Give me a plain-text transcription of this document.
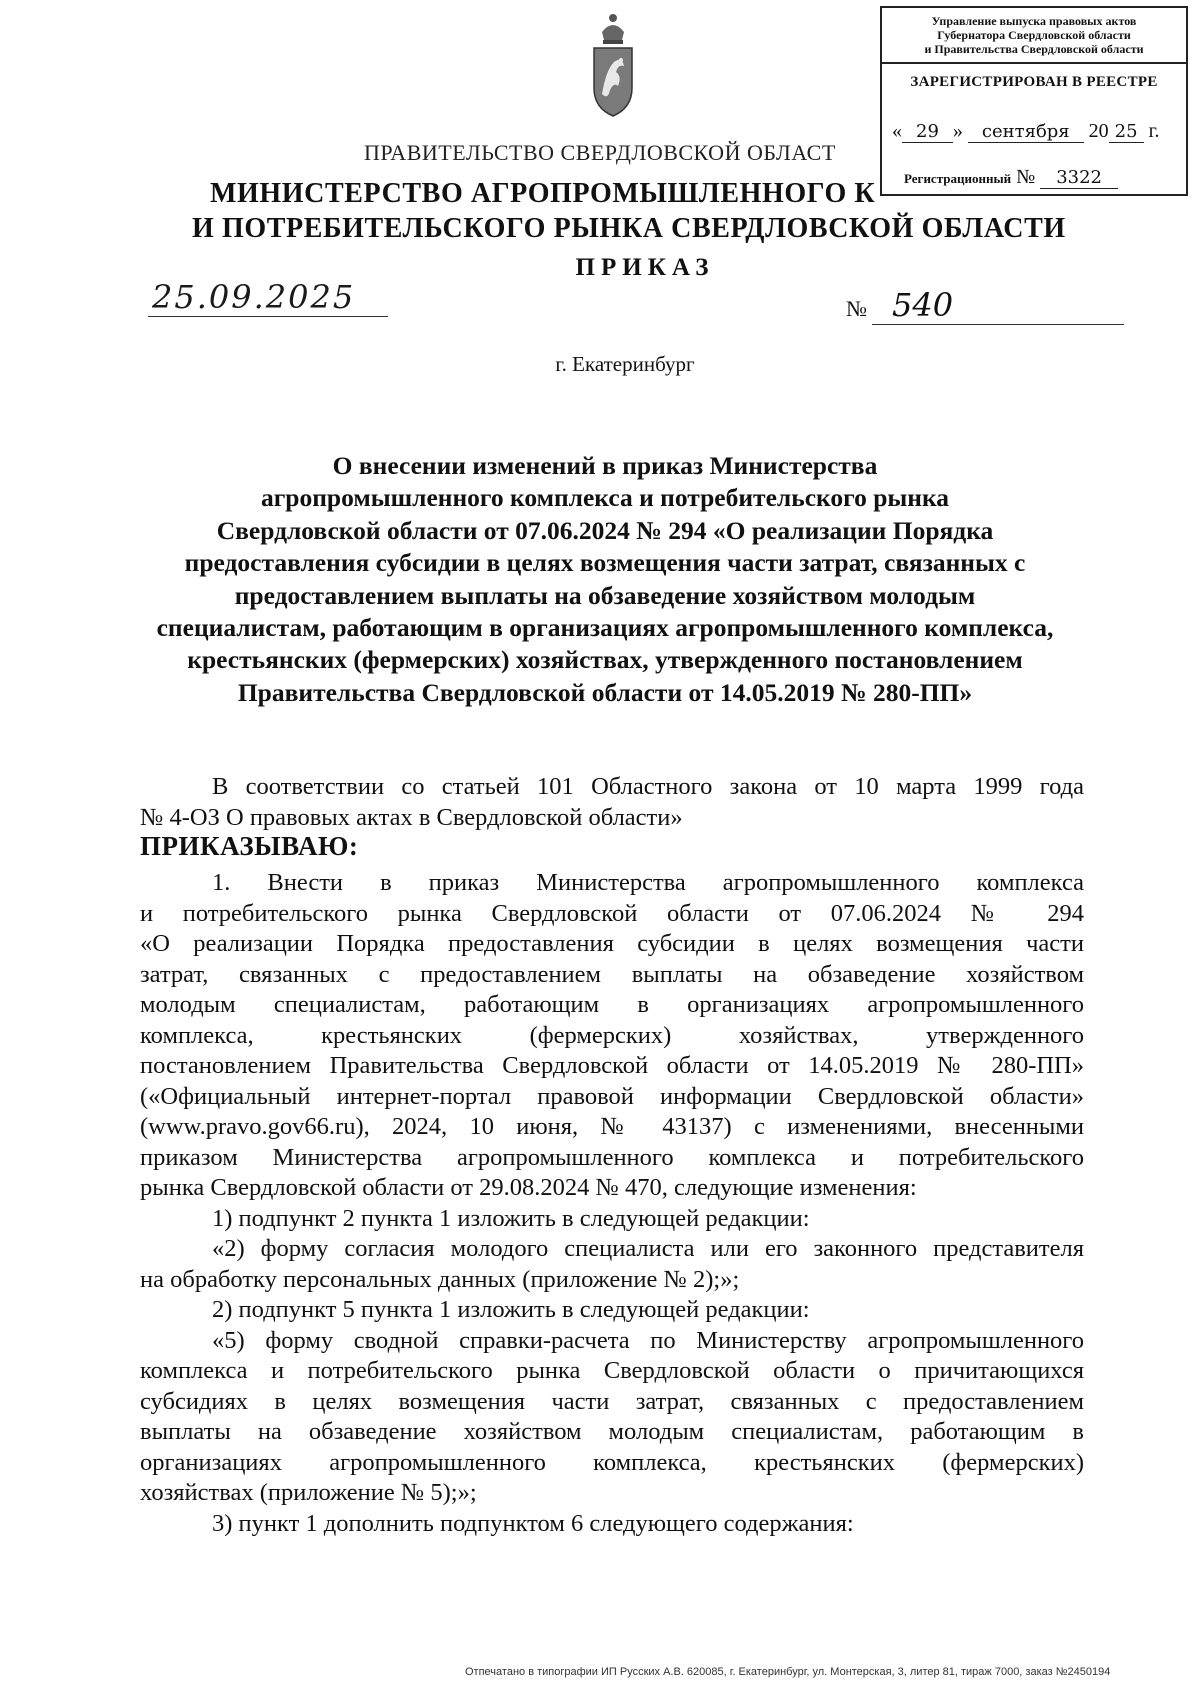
Управление выпуска правовых актов
Губернатора Свердловской области
и Правительства Свердловской области
ЗАРЕГИСТРИРОВАН В РЕЕСТРЕ
« 29 » сентября 20 25 г.
Регистрационный № 3322
ПРАВИТЕЛЬСТВО СВЕРДЛОВСКОЙ ОБЛАСТ
МИНИСТЕРСТВО АГРОПРОМЫШЛЕННОГО К
И ПОТРЕБИТЕЛЬСКОГО РЫНКА СВЕРДЛОВСКОЙ ОБЛАСТИ
ПРИКАЗ
25.09.2025	№ 540
г. Екатеринбург
О внесении изменений в приказ Министерства
агропромышленного комплекса и потребительского рынка
Свердловской области от 07.06.2024 № 294 «О реализации Порядка
предоставления субсидии в целях возмещения части затрат, связанных с
предоставлением выплаты на обзаведение хозяйством молодым
специалистам, работающим в организациях агропромышленного комплекса,
крестьянских (фермерских) хозяйствах, утвержденного постановлением
Правительства Свердловской области от 14.05.2019 № 280-ПП»
В соответствии со статьей 101 Областного закона от 10 марта 1999 года
№ 4-ОЗ О правовых актах в Свердловской области»
ПРИКАЗЫВАЮ:
1. Внести в приказ Министерства агропромышленного комплекса
и потребительского рынка Свердловской области от 07.06.2024 № 294
«О реализации Порядка предоставления субсидии в целях возмещения части
затрат, связанных с предоставлением выплаты на обзаведение хозяйством
молодым специалистам, работающим в организациях агропромышленного
комплекса, крестьянских (фермерских) хозяйствах, утвержденного
постановлением Правительства Свердловской области от 14.05.2019 № 280-ПП»
(«Официальный интернет-портал правовой информации Свердловской области»
(www.pravo.gov66.ru), 2024, 10 июня, № 43137) с изменениями, внесенными
приказом Министерства агропромышленного комплекса и потребительского
рынка Свердловской области от 29.08.2024 № 470, следующие изменения:
1) подпункт 2 пункта 1 изложить в следующей редакции:
«2) форму согласия молодого специалиста или его законного представителя
на обработку персональных данных (приложение № 2);»;
2) подпункт 5 пункта 1 изложить в следующей редакции:
«5) форму сводной справки-расчета по Министерству агропромышленного
комплекса и потребительского рынка Свердловской области о причитающихся
субсидиях в целях возмещения части затрат, связанных с предоставлением
выплаты на обзаведение хозяйством молодым специалистам, работающим в
организациях агропромышленного комплекса, крестьянских (фермерских)
хозяйствах (приложение № 5);»;
3) пункт 1 дополнить подпунктом 6 следующего содержания:
Отпечатано в типографии ИП Русских А.В. 620085, г. Екатеринбург, ул. Монтерская, 3, литер 81, тираж 7000, заказ №2450194
